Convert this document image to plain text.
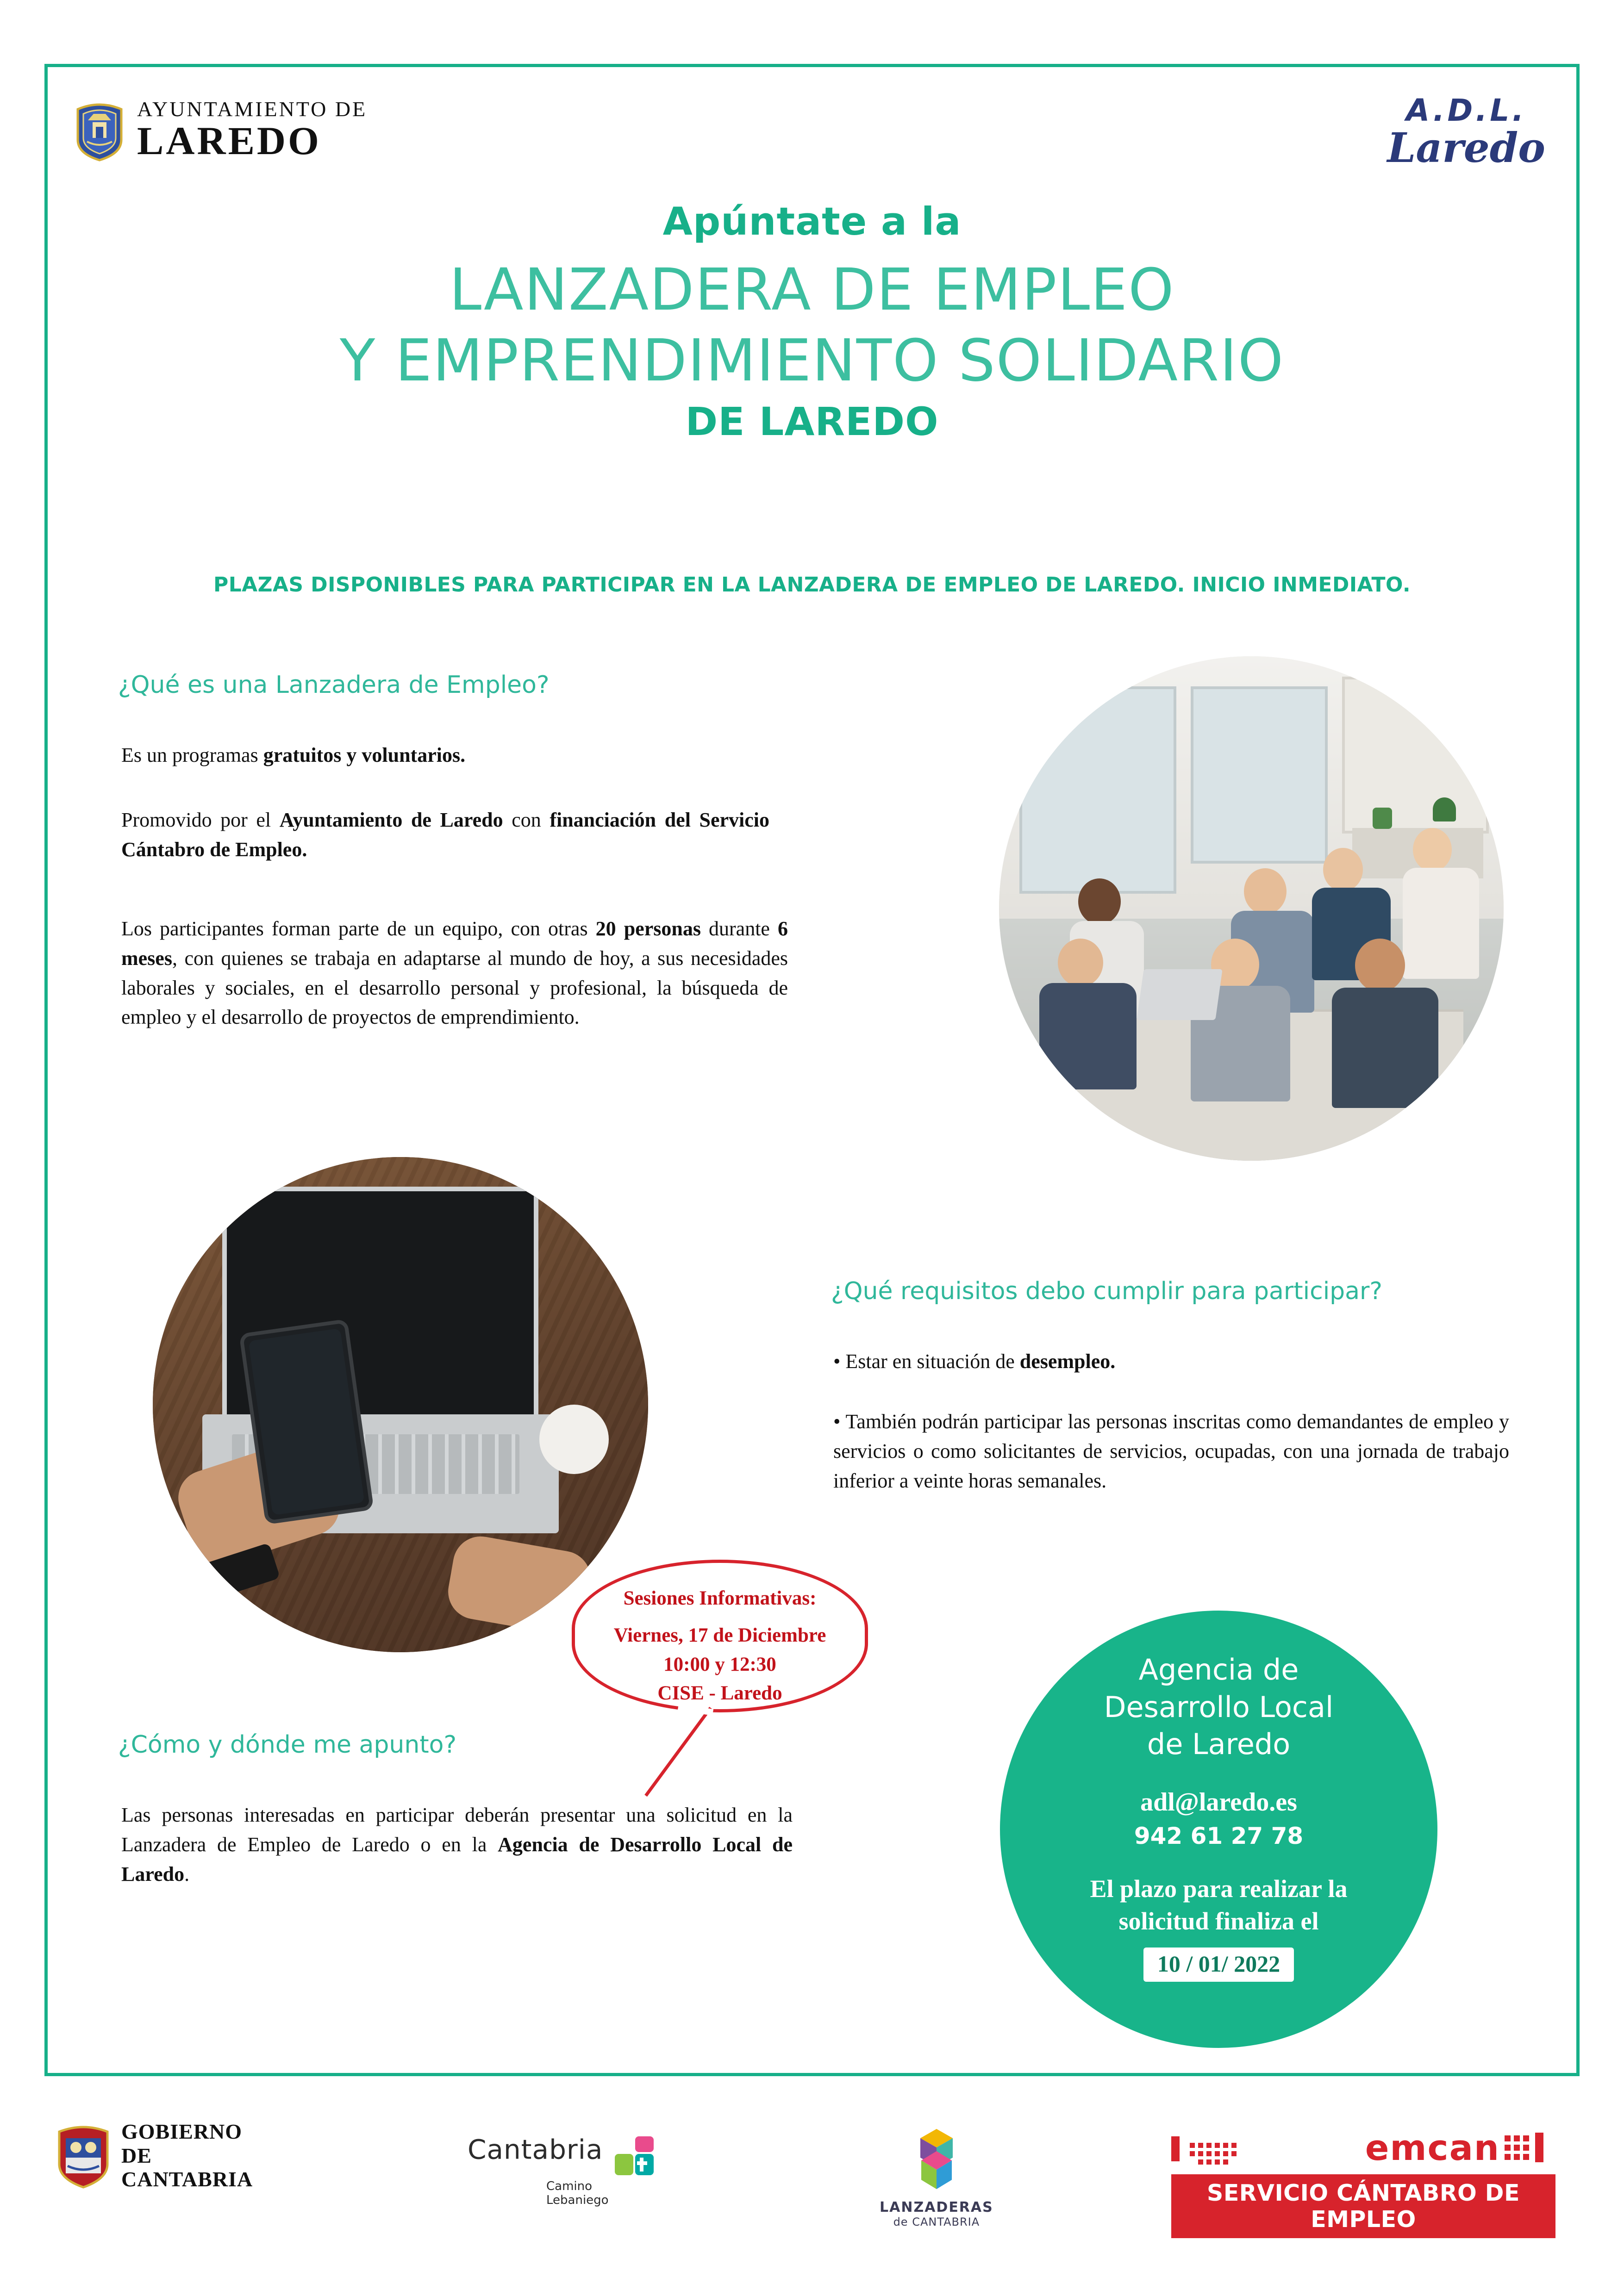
AYUNTAMIENTO DE
LAREDO
A.D.L.
Laredo
Apúntate a la
LANZADERA DE EMPLEO
Y EMPRENDIMIENTO SOLIDARIO
DE LAREDO
PLAZAS DISPONIBLES PARA PARTICIPAR EN LA LANZADERA DE EMPLEO DE LAREDO. INICIO INMEDIATO.
¿Qué es una Lanzadera de Empleo?
Es un programas gratuitos y voluntarios.
Promovido por el Ayuntamiento de Laredo con financiación del Servicio Cántabro de Empleo.
Los participantes forman parte de un equipo, con otras 20 personas durante 6 meses, con quienes se trabaja en adaptarse al mundo de hoy, a sus necesidades laborales y sociales, en el desarrollo personal y profesional, la búsqueda de empleo y el desarrollo de proyectos de emprendimiento.
¿Qué requisitos debo cumplir para participar?
• Estar en situación de desempleo.
• También podrán participar las personas inscritas como demandantes de empleo y servicios o como solicitantes de servicios, ocupadas, con una jornada de trabajo inferior a veinte horas semanales.
Sesiones Informativas:
Viernes, 17 de Diciembre
10:00 y 12:30
CISE - Laredo
¿Cómo y dónde me apunto?
Las personas interesadas en participar deberán presentar una solicitud en la Lanzadera de Empleo de Laredo o en la Agencia de Desarrollo Local de Laredo.
Agencia de
Desarrollo Local
de Laredo
adl@laredo.es
942 61 27 78
El plazo para realizar la
solicitud finaliza el
10 / 01/ 2022
GOBIERNO
DE
CANTABRIA
Cantabria
Camino
Lebaniego	LANZADERAS
de CANTABRIA
emcan
SERVICIO CÁNTABRO DE EMPLEO
